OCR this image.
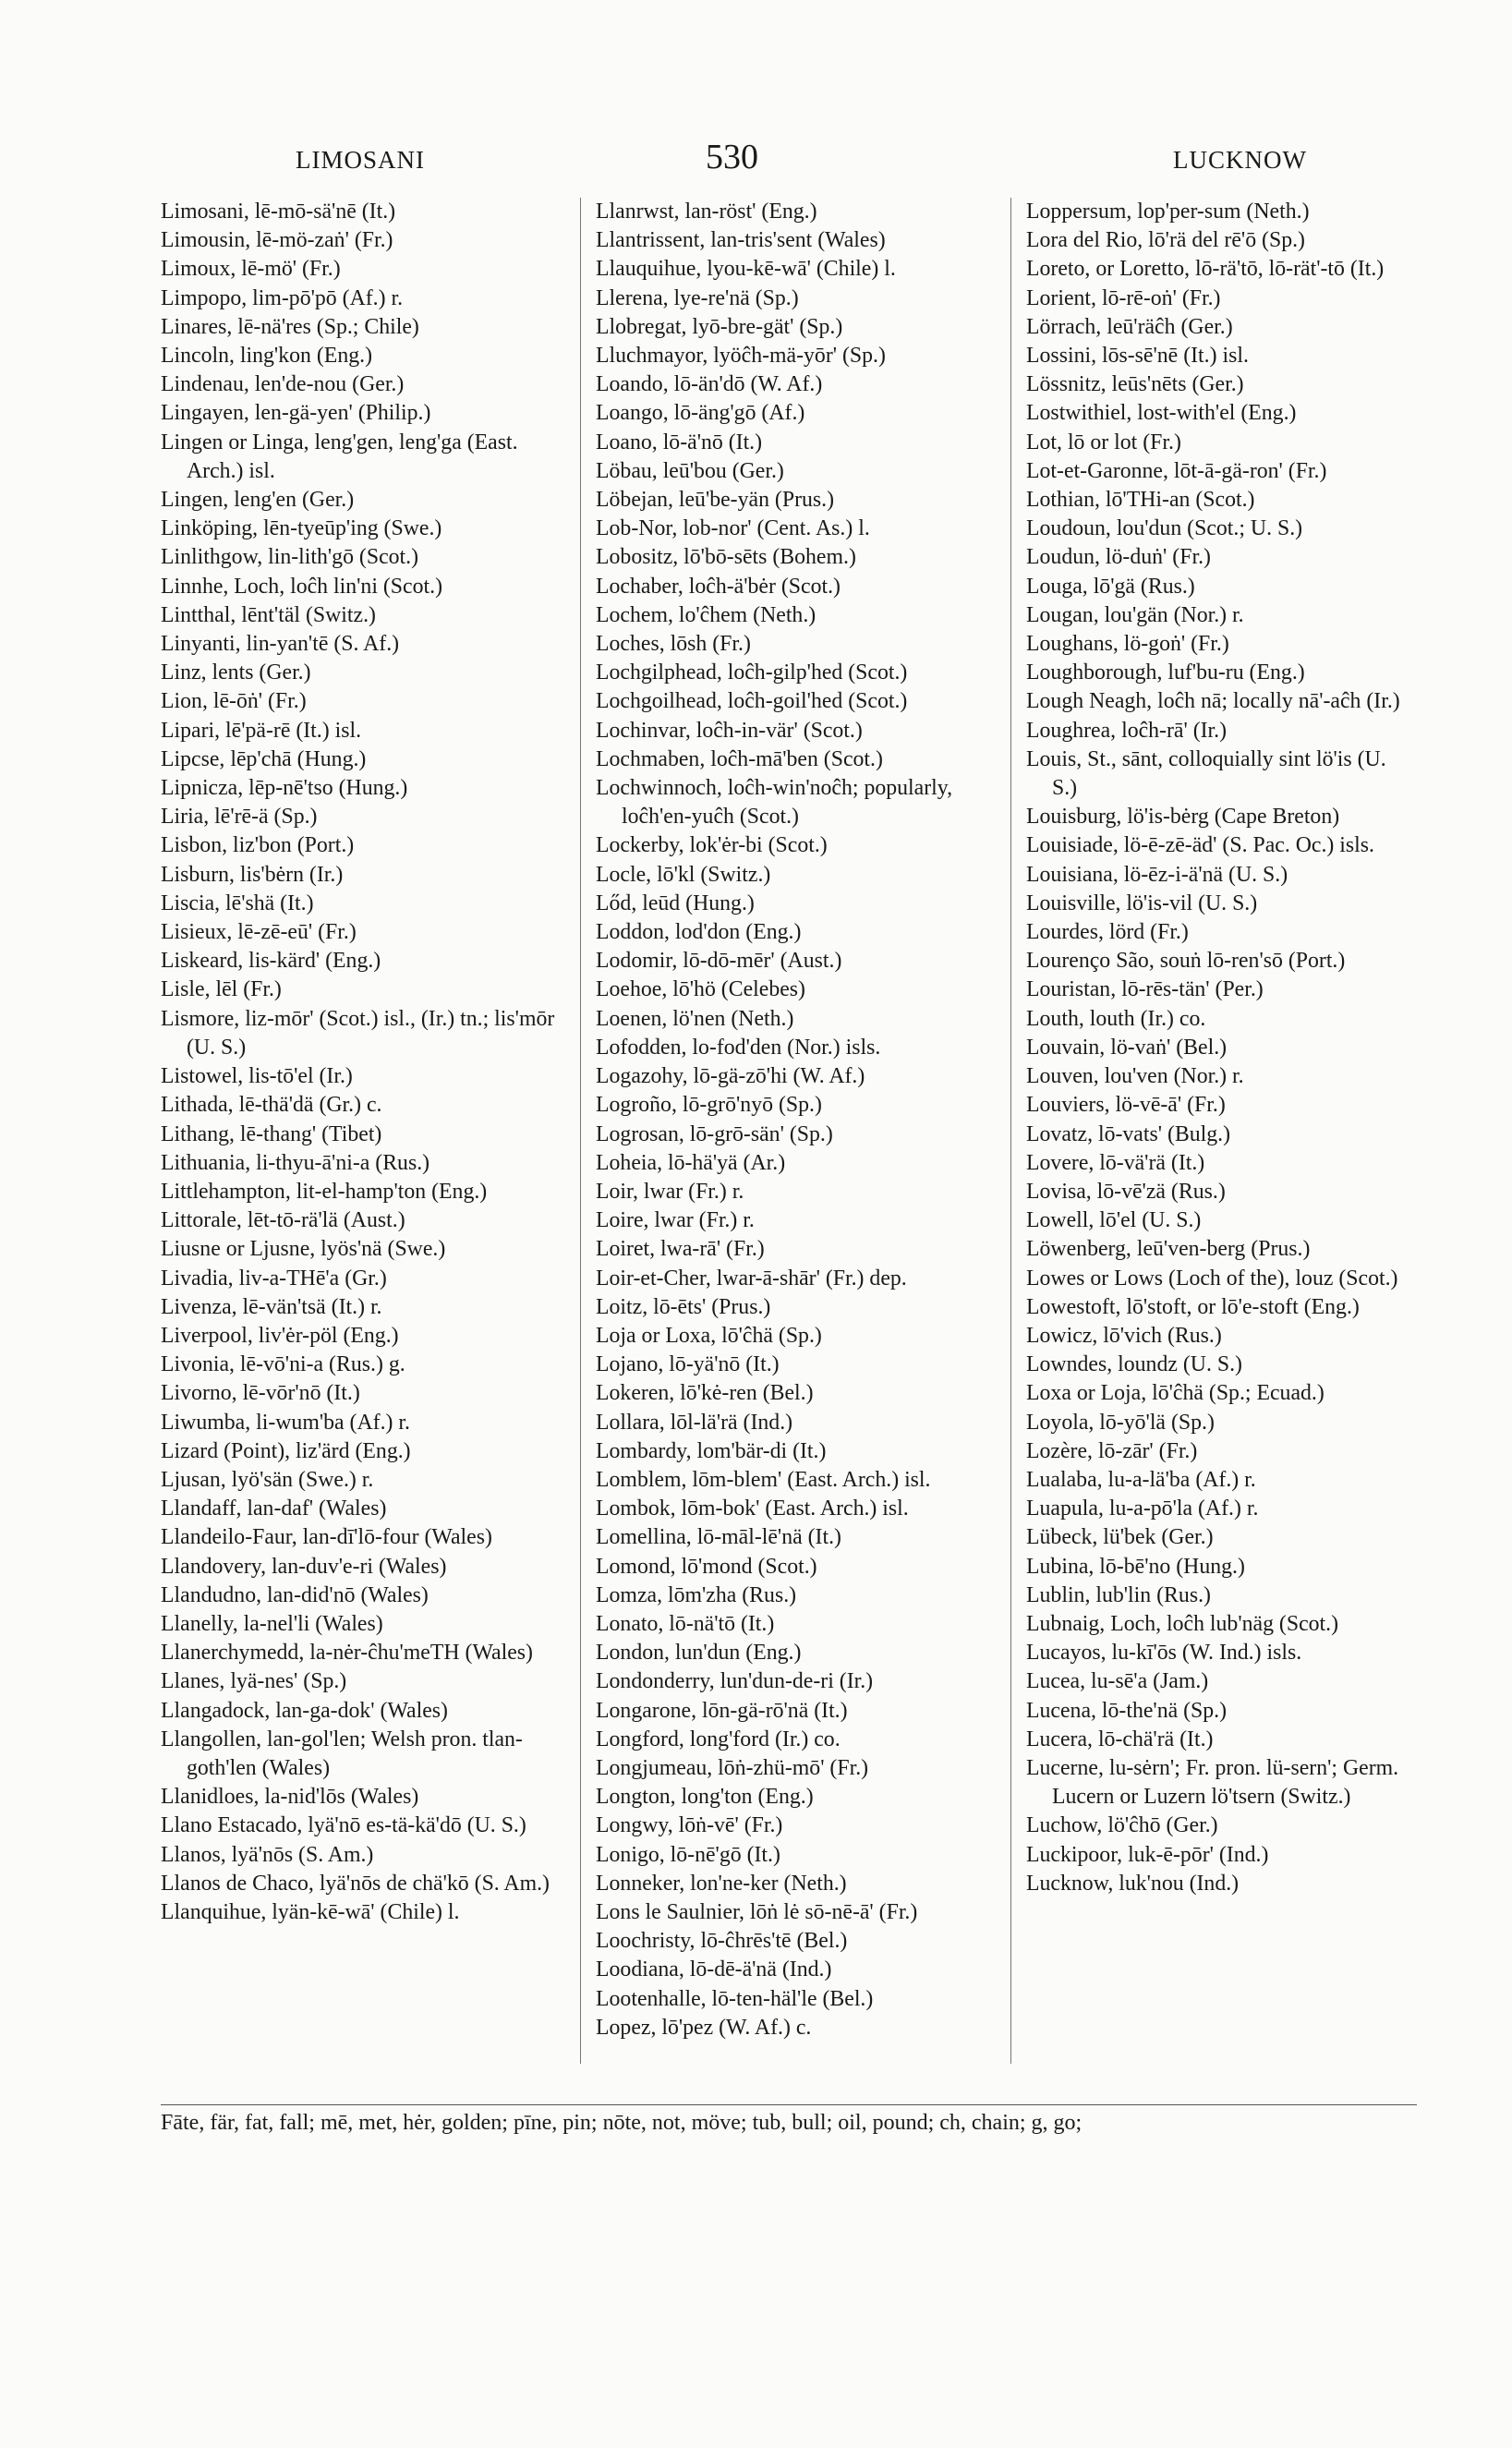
LIMOSANI	530	LUCKNOW
Limosani, lē-mō-sä'nē (It.)
Limousin, lē-mö-zaṅ' (Fr.)
Limoux, lē-mö' (Fr.)
Limpopo, lim-pō'pō (Af.) r.
Linares, lē-nä'res (Sp.; Chile)
Lincoln, ling'kon (Eng.)
Lindenau, len'de-nou (Ger.)
Lingayen, len-gä-yen' (Philip.)
Lingen or Linga, leng'gen, leng'ga (East. Arch.) isl.
Lingen, leng'en (Ger.)
Linköping, lēn-tyeūp'ing (Swe.)
Linlithgow, lin-lith'gō (Scot.)
Linnhe, Loch, loĉh lin'ni (Scot.)
Lintthal, lēnt'täl (Switz.)
Linyanti, lin-yan'tē (S. Af.)
Linz, lents (Ger.)
Lion, lē-ōṅ' (Fr.)
Lipari, lē'pä-rē (It.) isl.
Lipcse, lēp'chā (Hung.)
Lipnicza, lēp-nē'tso (Hung.)
Liria, lē'rē-ä (Sp.)
Lisbon, liz'bon (Port.)
Lisburn, lis'bėrn (Ir.)
Liscia, lē'shä (It.)
Lisieux, lē-zē-eū' (Fr.)
Liskeard, lis-kärd' (Eng.)
Lisle, lēl (Fr.)
Lismore, liz-mōr' (Scot.) isl., (Ir.) tn.; lis'mōr (U. S.)
Listowel, lis-tō'el (Ir.)
Lithada, lē-thä'dä (Gr.) c.
Lithang, lē-thang' (Tibet)
Lithuania, li-thyu-ā'ni-a (Rus.)
Littlehampton, lit-el-hamp'ton (Eng.)
Littorale, lēt-tō-rä'lä (Aust.)
Liusne or Ljusne, lyös'nä (Swe.)
Livadia, liv-a-THē'a (Gr.)
Livenza, lē-vän'tsä (It.) r.
Liverpool, liv'ėr-pöl (Eng.)
Livonia, lē-vō'ni-a (Rus.) g.
Livorno, lē-vōr'nō (It.)
Liwumba, li-wum'ba (Af.) r.
Lizard (Point), liz'ärd (Eng.)
Ljusan, lyö'sän (Swe.) r.
Llandaff, lan-daf' (Wales)
Llandeilo-Faur, lan-dī'lō-four (Wales)
Llandovery, lan-duv'e-ri (Wales)
Llandudno, lan-did'nō (Wales)
Llanelly, la-nel'li (Wales)
Llanerchymedd, la-nėr-ĉhu'meTH (Wales)
Llanes, lyä-nes' (Sp.)
Llangadock, lan-ga-dok' (Wales)
Llangollen, lan-gol'len; Welsh pron. tlan-goth'len (Wales)
Llanidloes, la-nid'lōs (Wales)
Llano Estacado, lyä'nō es-tä-kä'dō (U. S.)
Llanos, lyä'nōs (S. Am.)
Llanos de Chaco, lyä'nōs de chä'kō (S. Am.)
Llanquihue, lyän-kē-wā' (Chile) l.
Llanrwst, lan-röst' (Eng.)
Llantrissent, lan-tris'sent (Wales)
Llauquihue, lyou-kē-wā' (Chile) l.
Llerena, lye-re'nä (Sp.)
Llobregat, lyō-bre-gät' (Sp.)
Lluchmayor, lyöĉh-mä-yōr' (Sp.)
Loando, lō-än'dō (W. Af.)
Loango, lō-äng'gō (Af.)
Loano, lō-ä'nō (It.)
Löbau, leū'bou (Ger.)
Löbejan, leū'be-yän (Prus.)
Lob-Nor, lob-nor' (Cent. As.) l.
Lobositz, lō'bō-sēts (Bohem.)
Lochaber, loĉh-ä'bėr (Scot.)
Lochem, lo'ĉhem (Neth.)
Loches, lōsh (Fr.)
Lochgilphead, loĉh-gilp'hed (Scot.)
Lochgoilhead, loĉh-goil'hed (Scot.)
Lochinvar, loĉh-in-vär' (Scot.)
Lochmaben, loĉh-mā'ben (Scot.)
Lochwinnoch, loĉh-win'noĉh; popularly, loĉh'en-yuĉh (Scot.)
Lockerby, lok'ėr-bi (Scot.)
Locle, lō'kl (Switz.)
Lőd, leūd (Hung.)
Loddon, lod'don (Eng.)
Lodomir, lō-dō-mēr' (Aust.)
Loehoe, lō'hö (Celebes)
Loenen, lö'nen (Neth.)
Lofodden, lo-fod'den (Nor.) isls.
Logazohy, lō-gä-zō'hi (W. Af.)
Logroño, lō-grō'nyō (Sp.)
Logrosan, lō-grō-sän' (Sp.)
Loheia, lō-hä'yä (Ar.)
Loir, lwar (Fr.) r.
Loire, lwar (Fr.) r.
Loiret, lwa-rā' (Fr.)
Loir-et-Cher, lwar-ā-shār' (Fr.) dep.
Loitz, lō-ēts' (Prus.)
Loja or Loxa, lō'ĉhä (Sp.)
Lojano, lō-yä'nō (It.)
Lokeren, lō'kė-ren (Bel.)
Lollara, lōl-lä'rä (Ind.)
Lombardy, lom'bär-di (It.)
Lomblem, lōm-blem' (East. Arch.) isl.
Lombok, lōm-bok' (East. Arch.) isl.
Lomellina, lō-māl-lē'nä (It.)
Lomond, lō'mond (Scot.)
Lomza, lōm'zha (Rus.)
Lonato, lō-nä'tō (It.)
London, lun'dun (Eng.)
Londonderry, lun'dun-de-ri (Ir.)
Longarone, lōn-gä-rō'nä (It.)
Longford, long'ford (Ir.) co.
Longjumeau, lōṅ-zhü-mō' (Fr.)
Longton, long'ton (Eng.)
Longwy, lōṅ-vē' (Fr.)
Lonigo, lō-nē'gō (It.)
Lonneker, lon'ne-ker (Neth.)
Lons le Saulnier, lōṅ lė sō-nē-ā' (Fr.)
Loochristy, lō-ĉhrēs'tē (Bel.)
Loodiana, lō-dē-ä'nä (Ind.)
Lootenhalle, lō-ten-häl'le (Bel.)
Lopez, lō'pez (W. Af.) c.
Loppersum, lop'per-sum (Neth.)
Lora del Rio, lō'rä del rē'ō (Sp.)
Loreto, or Loretto, lō-rä'tō, lō-rät'-tō (It.)
Lorient, lō-rē-oṅ' (Fr.)
Lörrach, leū'räĉh (Ger.)
Lossini, lōs-sē'nē (It.) isl.
Lössnitz, leūs'nēts (Ger.)
Lostwithiel, lost-with'el (Eng.)
Lot, lō or lot (Fr.)
Lot-et-Garonne, lōt-ā-gä-ron' (Fr.)
Lothian, lō'THi-an (Scot.)
Loudoun, lou'dun (Scot.; U. S.)
Loudun, lö-duṅ' (Fr.)
Louga, lō'gä (Rus.)
Lougan, lou'gän (Nor.) r.
Loughans, lö-goṅ' (Fr.)
Loughborough, luf'bu-ru (Eng.)
Lough Neagh, loĉh nā; locally nā'-aĉh (Ir.)
Loughrea, loĉh-rā' (Ir.)
Louis, St., sānt, colloquially sint lö'is (U. S.)
Louisburg, lö'is-bėrg (Cape Breton)
Louisiade, lö-ē-zē-äd' (S. Pac. Oc.) isls.
Louisiana, lö-ēz-i-ä'nä (U. S.)
Louisville, lö'is-vil (U. S.)
Lourdes, lörd (Fr.)
Lourenço São, souṅ lō-ren'sō (Port.)
Louristan, lō-rēs-tän' (Per.)
Louth, louth (Ir.) co.
Louvain, lö-vaṅ' (Bel.)
Louven, lou'ven (Nor.) r.
Louviers, lö-vē-ā' (Fr.)
Lovatz, lō-vats' (Bulg.)
Lovere, lō-vä'rä (It.)
Lovisa, lō-vē'zä (Rus.)
Lowell, lō'el (U. S.)
Löwenberg, leū'ven-berg (Prus.)
Lowes or Lows (Loch of the), louz (Scot.)
Lowestoft, lō'stoft, or lō'e-stoft (Eng.)
Lowicz, lō'vich (Rus.)
Lowndes, loundz (U. S.)
Loxa or Loja, lō'ĉhä (Sp.; Ecuad.)
Loyola, lō-yō'lä (Sp.)
Lozère, lō-zār' (Fr.)
Lualaba, lu-a-lä'ba (Af.) r.
Luapula, lu-a-pō'la (Af.) r.
Lübeck, lü'bek (Ger.)
Lubina, lō-bē'no (Hung.)
Lublin, lub'lin (Rus.)
Lubnaig, Loch, loĉh lub'näg (Scot.)
Lucayos, lu-kī'ōs (W. Ind.) isls.
Lucea, lu-sē'a (Jam.)
Lucena, lō-the'nä (Sp.)
Lucera, lō-chä'rä (It.)
Lucerne, lu-sėrn'; Fr. pron. lü-sern'; Germ. Lucern or Luzern lö'tsern (Switz.)
Luchow, lö'ĉhō (Ger.)
Luckipoor, luk-ē-pōr' (Ind.)
Lucknow, luk'nou (Ind.)
Fāte, fär, fat, fall; mē, met, hėr, golden; pīne, pin; nōte, not, möve; tub, bull; oil, pound; ch, chain; g, go;
